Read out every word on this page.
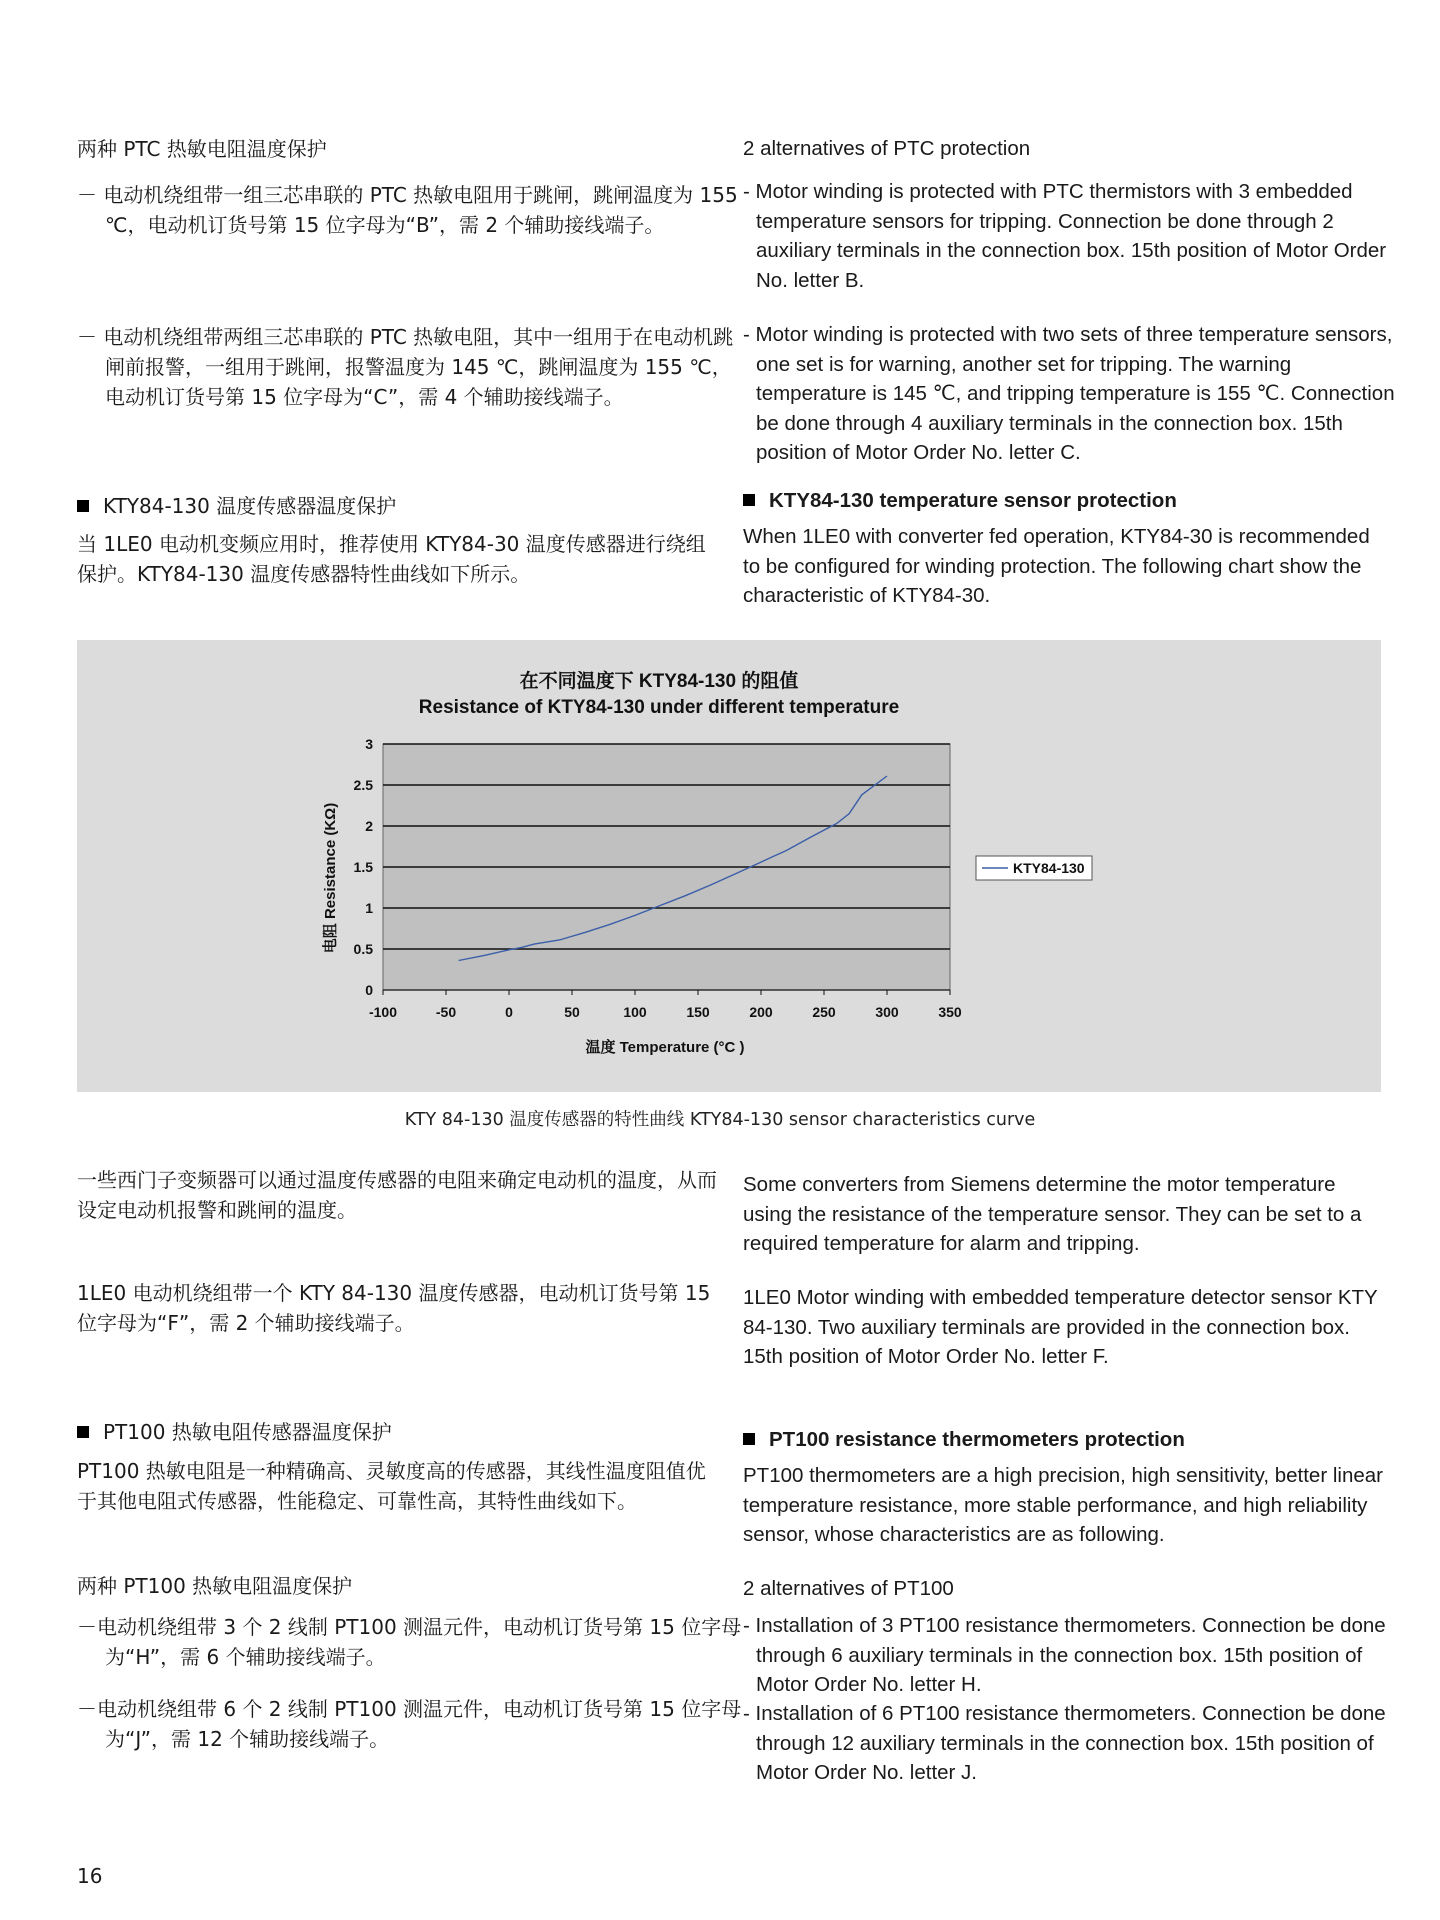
两种 PTC 热敏电阻温度保护

－ 电动机绕组带一组三芯串联的 PTC 热敏电阻用于跳闸，跳闸温度为 155 ℃，电动机订货号第 15 位字母为“B”，需 2 个辅助接线端子。

－ 电动机绕组带两组三芯串联的 PTC 热敏电阻，其中一组用于在电动机跳闸前报警，一组用于跳闸，报警温度为 145 ℃，跳闸温度为 155 ℃，电动机订货号第 15 位字母为“C”，需 4 个辅助接线端子。

KTY84-130 温度传感器温度保护

当 1LE0 电动机变频应用时，推荐使用 KTY84-30 温度传感器进行绕组保护。KTY84-130 温度传感器特性曲线如下所示。

一些西门子变频器可以通过温度传感器的电阻来确定电动机的温度，从而设定电动机报警和跳闸的温度。

1LE0 电动机绕组带一个 KTY 84-130 温度传感器，电动机订货号第 15 位字母为“F”，需 2 个辅助接线端子。

PT100 热敏电阻传感器温度保护

PT100 热敏电阻是一种精确高、灵敏度高的传感器，其线性温度阻值优于其他电阻式传感器，性能稳定、可靠性高，其特性曲线如下。

两种 PT100 热敏电阻温度保护

－电动机绕组带 3 个 2 线制 PT100 测温元件，电动机订货号第 15 位字母为“H”，需 6 个辅助接线端子。

－电动机绕组带 6 个 2 线制 PT100 测温元件，电动机订货号第 15 位字母为“J”，需 12 个辅助接线端子。

2 alternatives of PTC protection

- Motor winding is protected with PTC thermistors with 3 embedded temperature sensors for tripping. Connection be done through 2 auxiliary terminals in the connection box. 15th position of Motor Order No. letter B.

- Motor winding is protected with two sets of three temperature sensors, one set is for warning, another set for tripping. The warning temperature is 145 ℃, and tripping temperature is 155 ℃. Connection be done through 4 auxiliary terminals in the connection box. 15th position of Motor Order No. letter C.

KTY84-130 temperature sensor protection

When 1LE0 with converter fed operation, KTY84-30 is recommended to be configured for winding protection. The following chart show the characteristic of KTY84-30.

Some converters from Siemens determine the motor temperature using the resistance of the temperature sensor. They can be set to a required temperature for alarm and tripping.

1LE0 Motor winding with embedded temperature detector sensor KTY 84-130. Two auxiliary terminals are provided in the connection box. 15th position of Motor Order No. letter F.

PT100 resistance thermometers protection

PT100 thermometers are a high precision, high sensitivity, better linear temperature resistance, more stable performance, and high reliability sensor, whose characteristics are as following.

2 alternatives of PT100

- Installation of 3 PT100 resistance thermometers. Connection be done through 6 auxiliary terminals in the connection box. 15th position of Motor Order No. letter H.

- Installation of 6 PT100 resistance thermometers. Connection be done through 12 auxiliary terminals in the connection box. 15th position of Motor Order No. letter J.

在不同温度下 KTY84-130 的阻值
Resistance of KTY84-130 under different temperature
0
0.5
1
1.5
2
2.5
3
-100	-50	0	50	100	150	200	250	300	350
温度 Temperature (°C )
电阻 Resistance (KΩ)	KTY84-130
KTY 84-130 温度传感器的特性曲线 KTY84-130 sensor characteristics curve
16
